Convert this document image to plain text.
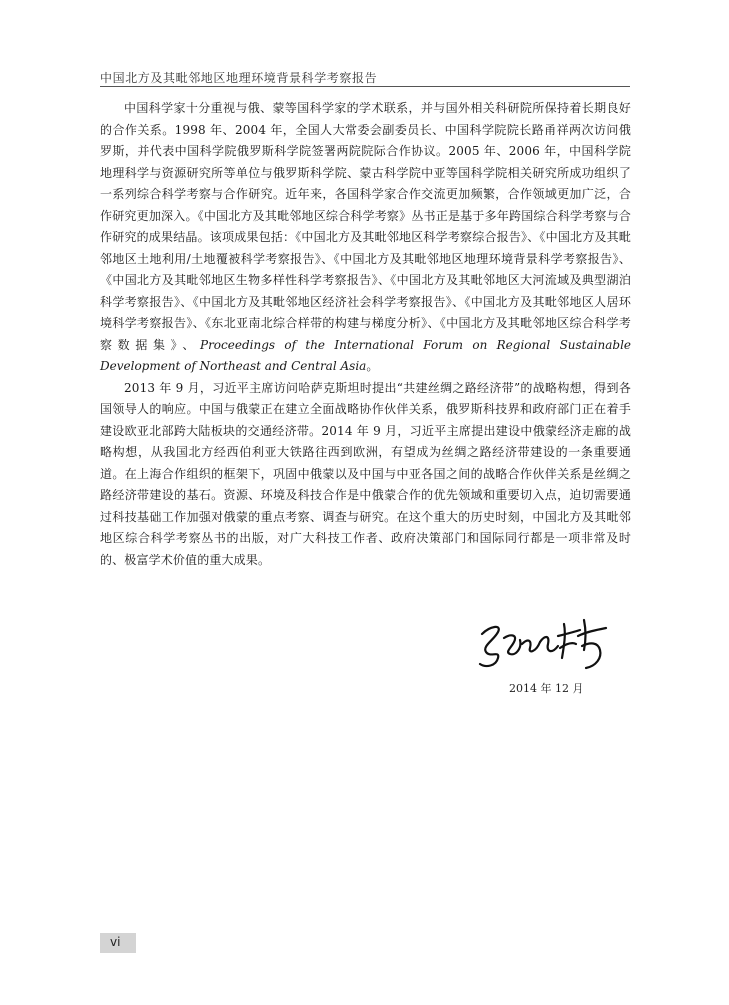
中国北方及其毗邻地区地理环境背景科学考察报告

中国科学家十分重视与俄、蒙等国科学家的学术联系，并与国外相关科研院所保持着长期良好的合作关系。1998 年、2004 年，全国人大常委会副委员长、中国科学院院长路甬祥两次访问俄罗斯，并代表中国科学院俄罗斯科学院签署两院院际合作协议。2005 年、2006 年，中国科学院地理科学与资源研究所等单位与俄罗斯科学院、蒙古科学院中亚等国科学院相关研究所成功组织了一系列综合科学考察与合作研究。近年来，各国科学家合作交流更加频繁，合作领域更加广泛，合作研究更加深入。《中国北方及其毗邻地区综合科学考察》丛书正是基于多年跨国综合科学考察与合作研究的成果结晶。该项成果包括：《中国北方及其毗邻地区科学考察综合报告》、《中国北方及其毗邻地区土地利用/土地覆被科学考察报告》、《中国北方及其毗邻地区地理环境背景科学考察报告》、《中国北方及其毗邻地区生物多样性科学考察报告》、《中国北方及其毗邻地区大河流域及典型湖泊科学考察报告》、《中国北方及其毗邻地区经济社会科学考察报告》、《中国北方及其毗邻地区人居环境科学考察报告》、《东北亚南北综合样带的构建与梯度分析》、《中国北方及其毗邻地区综合科学考察数据集》、Proceedings of the International Forum on Regional Sustainable Development of Northeast and Central Asia。

2013 年 9 月，习近平主席访问哈萨克斯坦时提出“共建丝绸之路经济带”的战略构想，得到各国领导人的响应。中国与俄蒙正在建立全面战略协作伙伴关系，俄罗斯科技界和政府部门正在着手建设欧亚北部跨大陆板块的交通经济带。2014 年 9 月，习近平主席提出建设中俄蒙经济走廊的战略构想，从我国北方经西伯利亚大铁路往西到欧洲，有望成为丝绸之路经济带建设的一条重要通道。在上海合作组织的框架下，巩固中俄蒙以及中国与中亚各国之间的战略合作伙伴关系是丝绸之路经济带建设的基石。资源、环境及科技合作是中俄蒙合作的优先领域和重要切入点，迫切需要通过科技基础工作加强对俄蒙的重点考察、调查与研究。在这个重大的历史时刻，中国北方及其毗邻地区综合科学考察丛书的出版，对广大科技工作者、政府决策部门和国际同行都是一项非常及时的、极富学术价值的重大成果。

2014 年 12 月
vi
